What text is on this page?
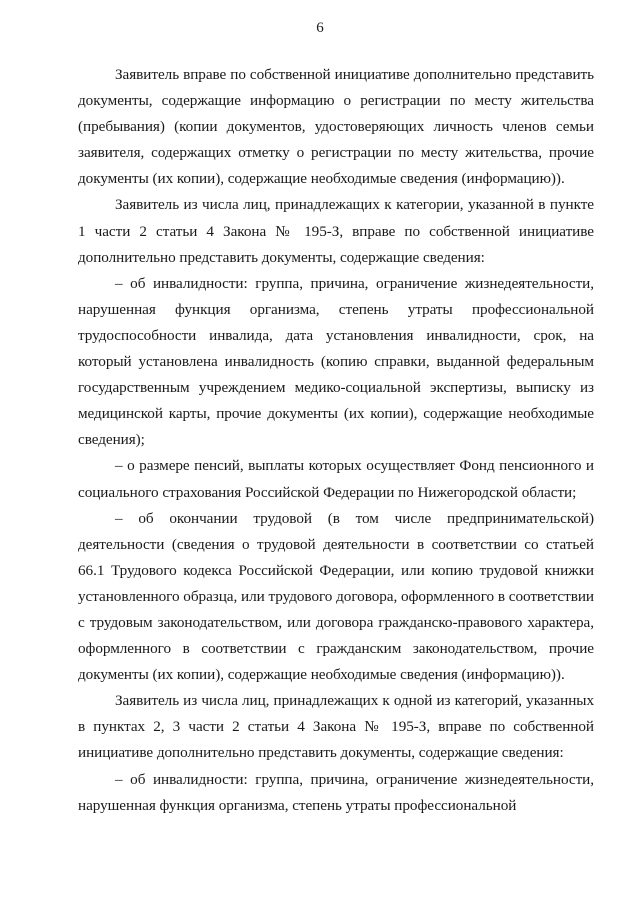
6

Заявитель вправе по собственной инициативе дополнительно представить документы, содержащие информацию о регистрации по месту жительства (пребывания) (копии документов, удостоверяющих личность членов семьи заявителя, содержащих отметку о регистрации по месту жительства, прочие документы (их копии), содержащие необходимые сведения (информацию)).

Заявитель из числа лиц, принадлежащих к категории, указанной в пункте 1 части 2 статьи 4 Закона № 195-З, вправе по собственной инициативе дополнительно представить документы, содержащие сведения:

– об инвалидности: группа, причина, ограничение жизнедеятельности, нарушенная функция организма, степень утраты профессиональной трудоспособности инвалида, дата установления инвалидности, срок, на который установлена инвалидность (копию справки, выданной федеральным государственным учреждением медико-социальной экспертизы, выписку из медицинской карты, прочие документы (их копии), содержащие необходимые сведения);

– о размере пенсий, выплаты которых осуществляет Фонд пенсионного и социального страхования Российской Федерации по Нижегородской области;

– об окончании трудовой (в том числе предпринимательской) деятельности (сведения о трудовой деятельности в соответствии со статьей 66.1 Трудового кодекса Российской Федерации, или копию трудовой книжки установленного образца, или трудового договора, оформленного в соответствии с трудовым законодательством, или договора гражданско-правового характера, оформленного в соответствии с гражданским законодательством, прочие документы (их копии), содержащие необходимые сведения (информацию)).

Заявитель из числа лиц, принадлежащих к одной из категорий, указанных в пунктах 2, 3 части 2 статьи 4 Закона № 195-З, вправе по собственной инициативе дополнительно представить документы, содержащие сведения:

– об инвалидности: группа, причина, ограничение жизнедеятельности, нарушенная функция организма, степень утраты профессиональной
